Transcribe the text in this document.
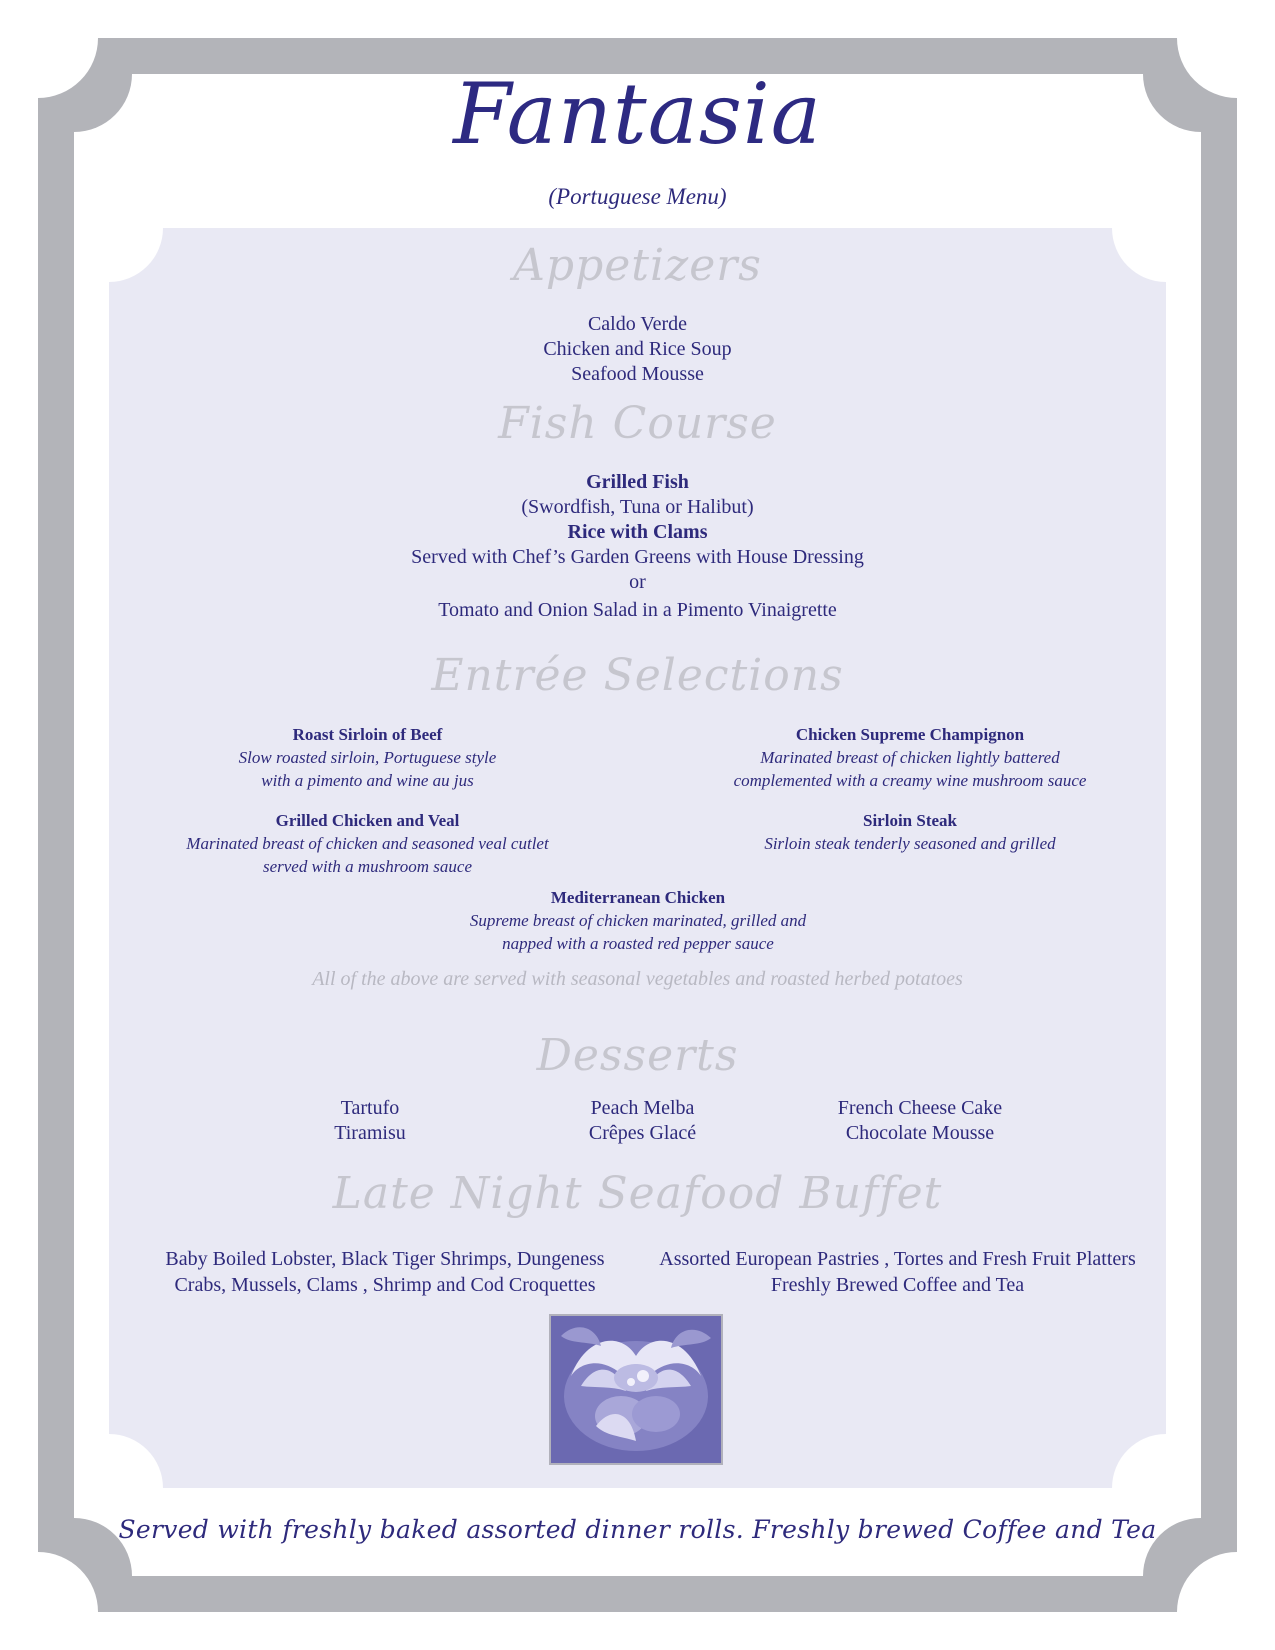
Fantasia
(Portuguese Menu)
Appetizers
Caldo Verde
Chicken and Rice Soup
Seafood Mousse
Fish Course
Grilled Fish
(Swordfish, Tuna or Halibut)
Rice with Clams
Served with Chef’s Garden Greens with House Dressing
or
Tomato and Onion Salad in a Pimento Vinaigrette
Entrée Selections
Roast Sirloin of Beef
Slow roasted sirloin, Portuguese style
with a pimento and wine au jus
Chicken Supreme Champignon
Marinated breast of chicken lightly battered
complemented with a creamy wine mushroom sauce
Grilled Chicken and Veal
Marinated breast of chicken and seasoned veal cutlet
served with a mushroom sauce
Sirloin Steak
Sirloin steak tenderly seasoned and grilled
Mediterranean Chicken
Supreme breast of chicken marinated, grilled and
napped with a roasted red pepper sauce
All of the above are served with seasonal vegetables and roasted herbed potatoes
Desserts
Tartufo
Tiramisu
Peach Melba
Crêpes Glacé
French Cheese Cake
Chocolate Mousse
Late Night Seafood Buffet
Baby Boiled Lobster, Black Tiger Shrimps, Dungeness
Crabs, Mussels, Clams , Shrimp and Cod Croquettes
Assorted European Pastries , Tortes and Fresh Fruit Platters
Freshly Brewed Coffee and Tea
Served with freshly baked assorted dinner rolls. Freshly brewed Coffee and Tea
